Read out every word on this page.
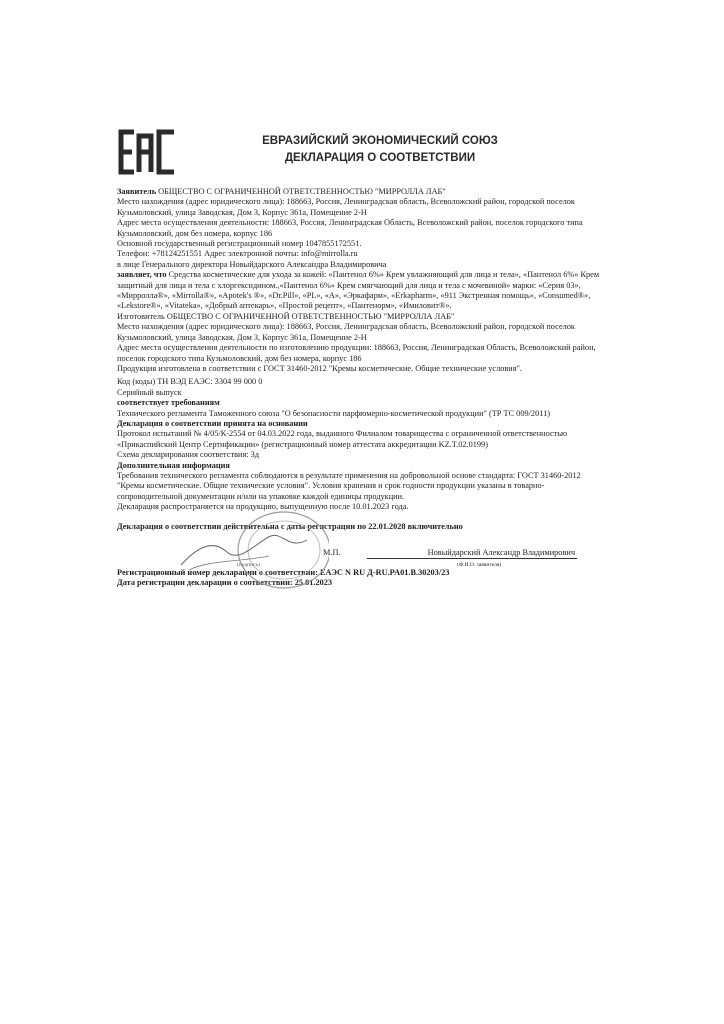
ЕВРАЗИЙСКИЙ ЭКОНОМИЧЕСКИЙ СОЮЗ
ДЕКЛАРАЦИЯ О СООТВЕТСТВИИ

Заявитель ОБЩЕСТВО С ОГРАНИЧЕННОЙ ОТВЕТСТВЕННОСТЬЮ "МИРРОЛЛА ЛАБ"

Место нахождения (адрес юридического лица): 188663, Россия, Ленинградская область, Всеволожский район, городской поселок Кузьмоловский, улица Заводская, Дом 3, Корпус 361а, Помещение 2-Н

Адрес места осуществления деятельности: 188663, Россия, Ленинградская Область, Всеволожский район, поселок городского типа Кузьмоловский, дом без номера, корпус 186

Основной государственный регистрационный номер 1047855172551.

Телефон: +78124251551 Адрес электронной почты: info@mirrolla.ru

в лице Генерального директора Новыйдарского Александра Владимировича

заявляет, что Средства косметические для ухода за кожей: «Пантенол 6%» Крем увлажняющий для лица и тела», «Пантенол 6%» Крем защитный для лица и тела с хлоргексидином.,«Пантенол 6%» Крем смягчающий для лица и тела с мочевиной» марки: «Серия 03», «Мирролла®», «Mirrolla®», «Apotek's ®», «Dr.Pill», «PL», «A», «Эркафарм», «Erkapharm», «911 Экстренная помощь», «Consumed®», «Lekstore®», «Vitateka», «Добрый аптекарь», «Простой рецепт», «Пантенорм», «Имиловит®».

Изготовитель ОБЩЕСТВО С ОГРАНИЧЕННОЙ ОТВЕТСТВЕННОСТЬЮ "МИРРОЛЛА ЛАБ"

Место нахождения (адрес юридического лица): 188663, Россия, Ленинградская область, Всеволожский район, городской поселок Кузьмоловский, улица Заводская, Дом 3, Корпус 361а, Помещение 2-Н

Адрес места осуществления деятельности по изготовлению продукции: 188663, Россия, Ленинградская Область, Всеволожский район, поселок городского типа Кузьмоловский, дом без номера, корпус 186

Продукция изготовлена в соответствии с ГОСТ 31460-2012 "Кремы косметические. Общие технические условия".

Код (коды) ТН ВЭД ЕАЭС: 3304 99 000 0

Серийный выпуск

соответствует требованиям

Технического регламента Таможенного союза "О безопасности парфюмерно-косметической продукции" (ТР ТС 009/2011)

Декларация о соответствии принята на основании

Протокол испытаний № 4/05/К-2554 от 04.03.2022 года, выданного Филиалом товарищества с ограниченной ответственностью «Прикаспийский Центр Сертификации» (регистрационный номер аттестата аккредитации KZ.T.02.0199)

Схема декларирования соответствия: 3д

Дополнительная информация

Требования технического регламента соблюдаются в результате применения на добровольной основе стандарта: ГОСТ 31460-2012 "Кремы косметические. Общие технические условия". Условия хранения и срок годности продукции указаны в товарно-сопроводительной документации и/или на упаковке каждой единицы продукции.

Декларация распространяется на продукцию, выпущенную после 10.01.2023 года.

Декларация о соответствии действительна с даты регистрации по 22.01.2028 включительно

М.П.	Новыйдарский Александр Владимирович
(подпись)	(Ф.И.О. заявителя)

Регистрационный номер декларации о соответствии: ЕАЭС N RU Д-RU.PA01.B.30203/23

Дата регистрации декларации о соответствии: 25.01.2023
